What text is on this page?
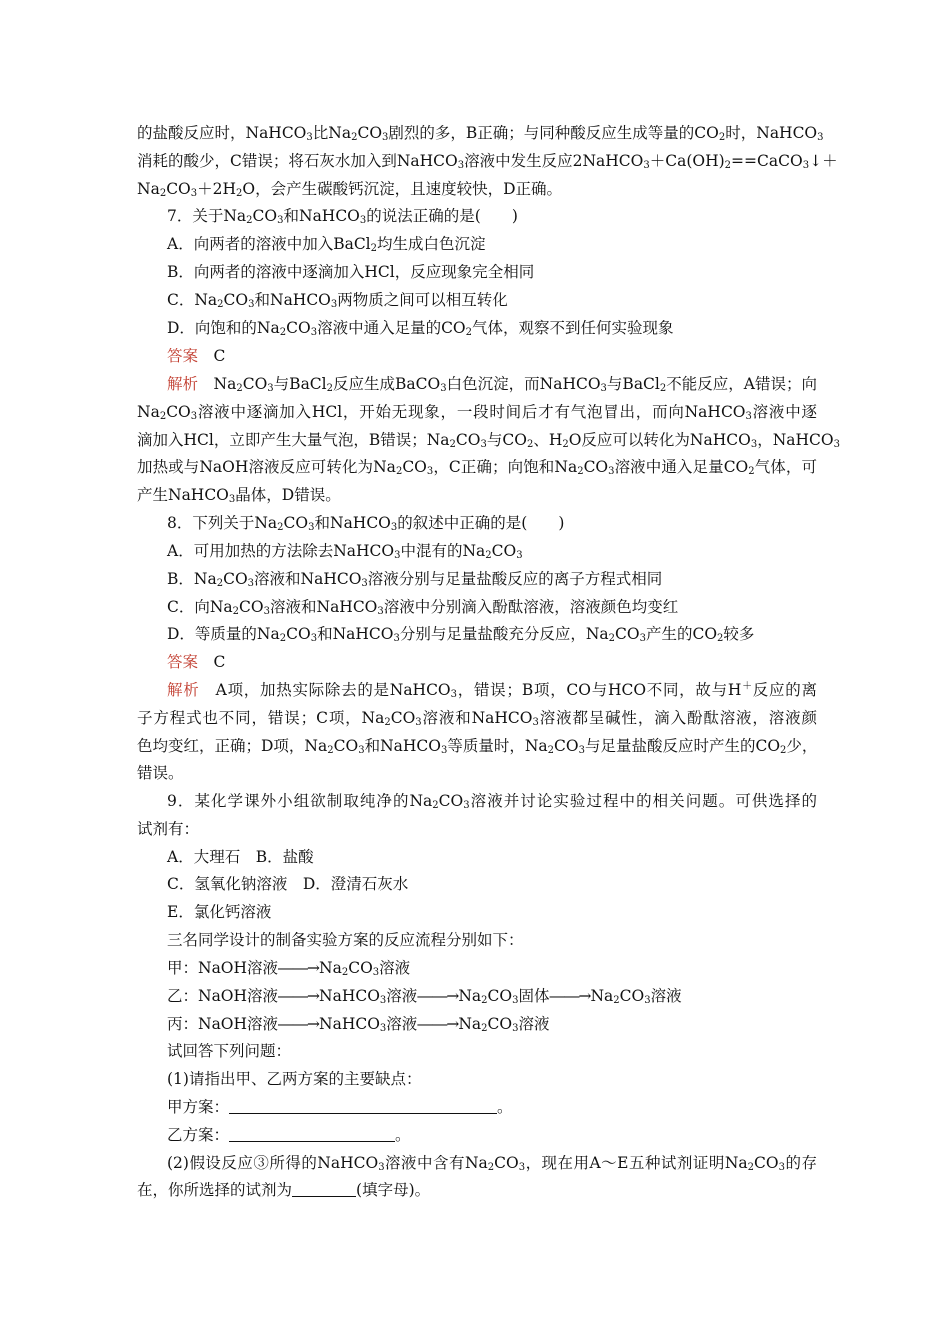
的盐酸反应时，NaHCO$_3$比$Na_2CO_3$剧烈的多，B正确；与同种酸反应生成等量的$CO_2$时，NaHCO$_3$
消耗的酸少，C错误；将石灰水加入到NaHCO$_3$溶液中发生反应$2NaHCO_3+Ca(OH)_2==CaCO_3↓+$
$Na_2CO_3+2H_2O$，会产生碳酸钙沉淀，且速度较快，D正确。
7．关于$Na_2CO_3$和NaHCO$_3$的说法正确的是(　　)
A．向两者的溶液中加入BaCl$_2$均生成白色沉淀
B．向两者的溶液中逐滴加入HCl，反应现象完全相同
C．$Na_2CO_3$和NaHCO$_3$两物质之间可以相互转化
D．向饱和的$Na_2CO_3$溶液中通入足量的$CO_2$气体，观察不到任何实验现象
答案　 C
解析　 $Na_2CO_3$与BaCl$_2$反应生成BaCO$_3$白色沉淀，而NaHCO$_3$与BaCl$_2$不能反应，A错误；向
$Na_2CO_3$溶液中逐滴加入HCl，开始无现象，一段时间后才有气泡冒出，而向NaHCO$_3$溶液中逐
滴加入HCl，立即产生大量气泡，B错误；$Na_2CO_3$与$CO_2$、$H_2O$反应可以转化为NaHCO$_3$，NaHCO$_3$
加热或与NaOH溶液反应可转化为$Na_2CO_3$，C正确；向饱和$Na_2CO_3$溶液中通入足量$CO_2$气体，可
产生NaHCO$_3$晶体，D错误。
8．下列关于$Na_2CO_3$和NaHCO$_3$的叙述中正确的是(　　)
A．可用加热的方法除去NaHCO$_3$中混有的$Na_2CO_3$
B．$Na_2CO_3$溶液和NaHCO$_3$溶液分别与足量盐酸反应的离子方程式相同
C．向$Na_2CO_3$溶液和NaHCO$_3$溶液中分别滴入酚酞溶液，溶液颜色均变红
D．等质量的$Na_2CO_3$和NaHCO$_3$分别与足量盐酸充分反应，$Na_2CO_3$产生的$CO_2$较多
答案　 C
解析　 A项，加热实际除去的是NaHCO$_3$，错误；B项，CO与HCO不同，故与H＋反应的离
子方程式也不同，错误；C项，$Na_2CO_3$溶液和NaHCO$_3$溶液都呈碱性，滴入酚酞溶液，溶液颜
色均变红，正确；D项，$Na_2CO_3$和NaHCO$_3$等质量时，$Na_2CO_3$与足量盐酸反应时产生的$CO_2$少，
错误。
9．某化学课外小组欲制取纯净的$Na_2CO_3$溶液并讨论实验过程中的相关问题。可供选择的
试剂有：
A．大理石　B．盐酸
C．氢氧化钠溶液　D．澄清石灰水
E．氯化钙溶液
三名同学设计的制备实验方案的反应流程分别如下：
甲：NaOH溶液$――\to Na_2CO_3$溶液
乙：NaOH溶液――→NaHCO$_3$溶液$――\to Na_2CO_3$固体$――\to Na_2CO_3$溶液
丙：NaOH溶液――→NaHCO$_3$溶液$――\to Na_2CO_3$溶液
试回答下列问题：
(1)请指出甲、乙两方案的主要缺点：
甲方案：	。
乙方案：	。
(2)假设反应③所得的NaHCO$_3$溶液中含有$Na_2CO_3$，现在用A～E五种试剂证明$Na_2CO_3$的存
在，你所选择的试剂为	(填字母)。
